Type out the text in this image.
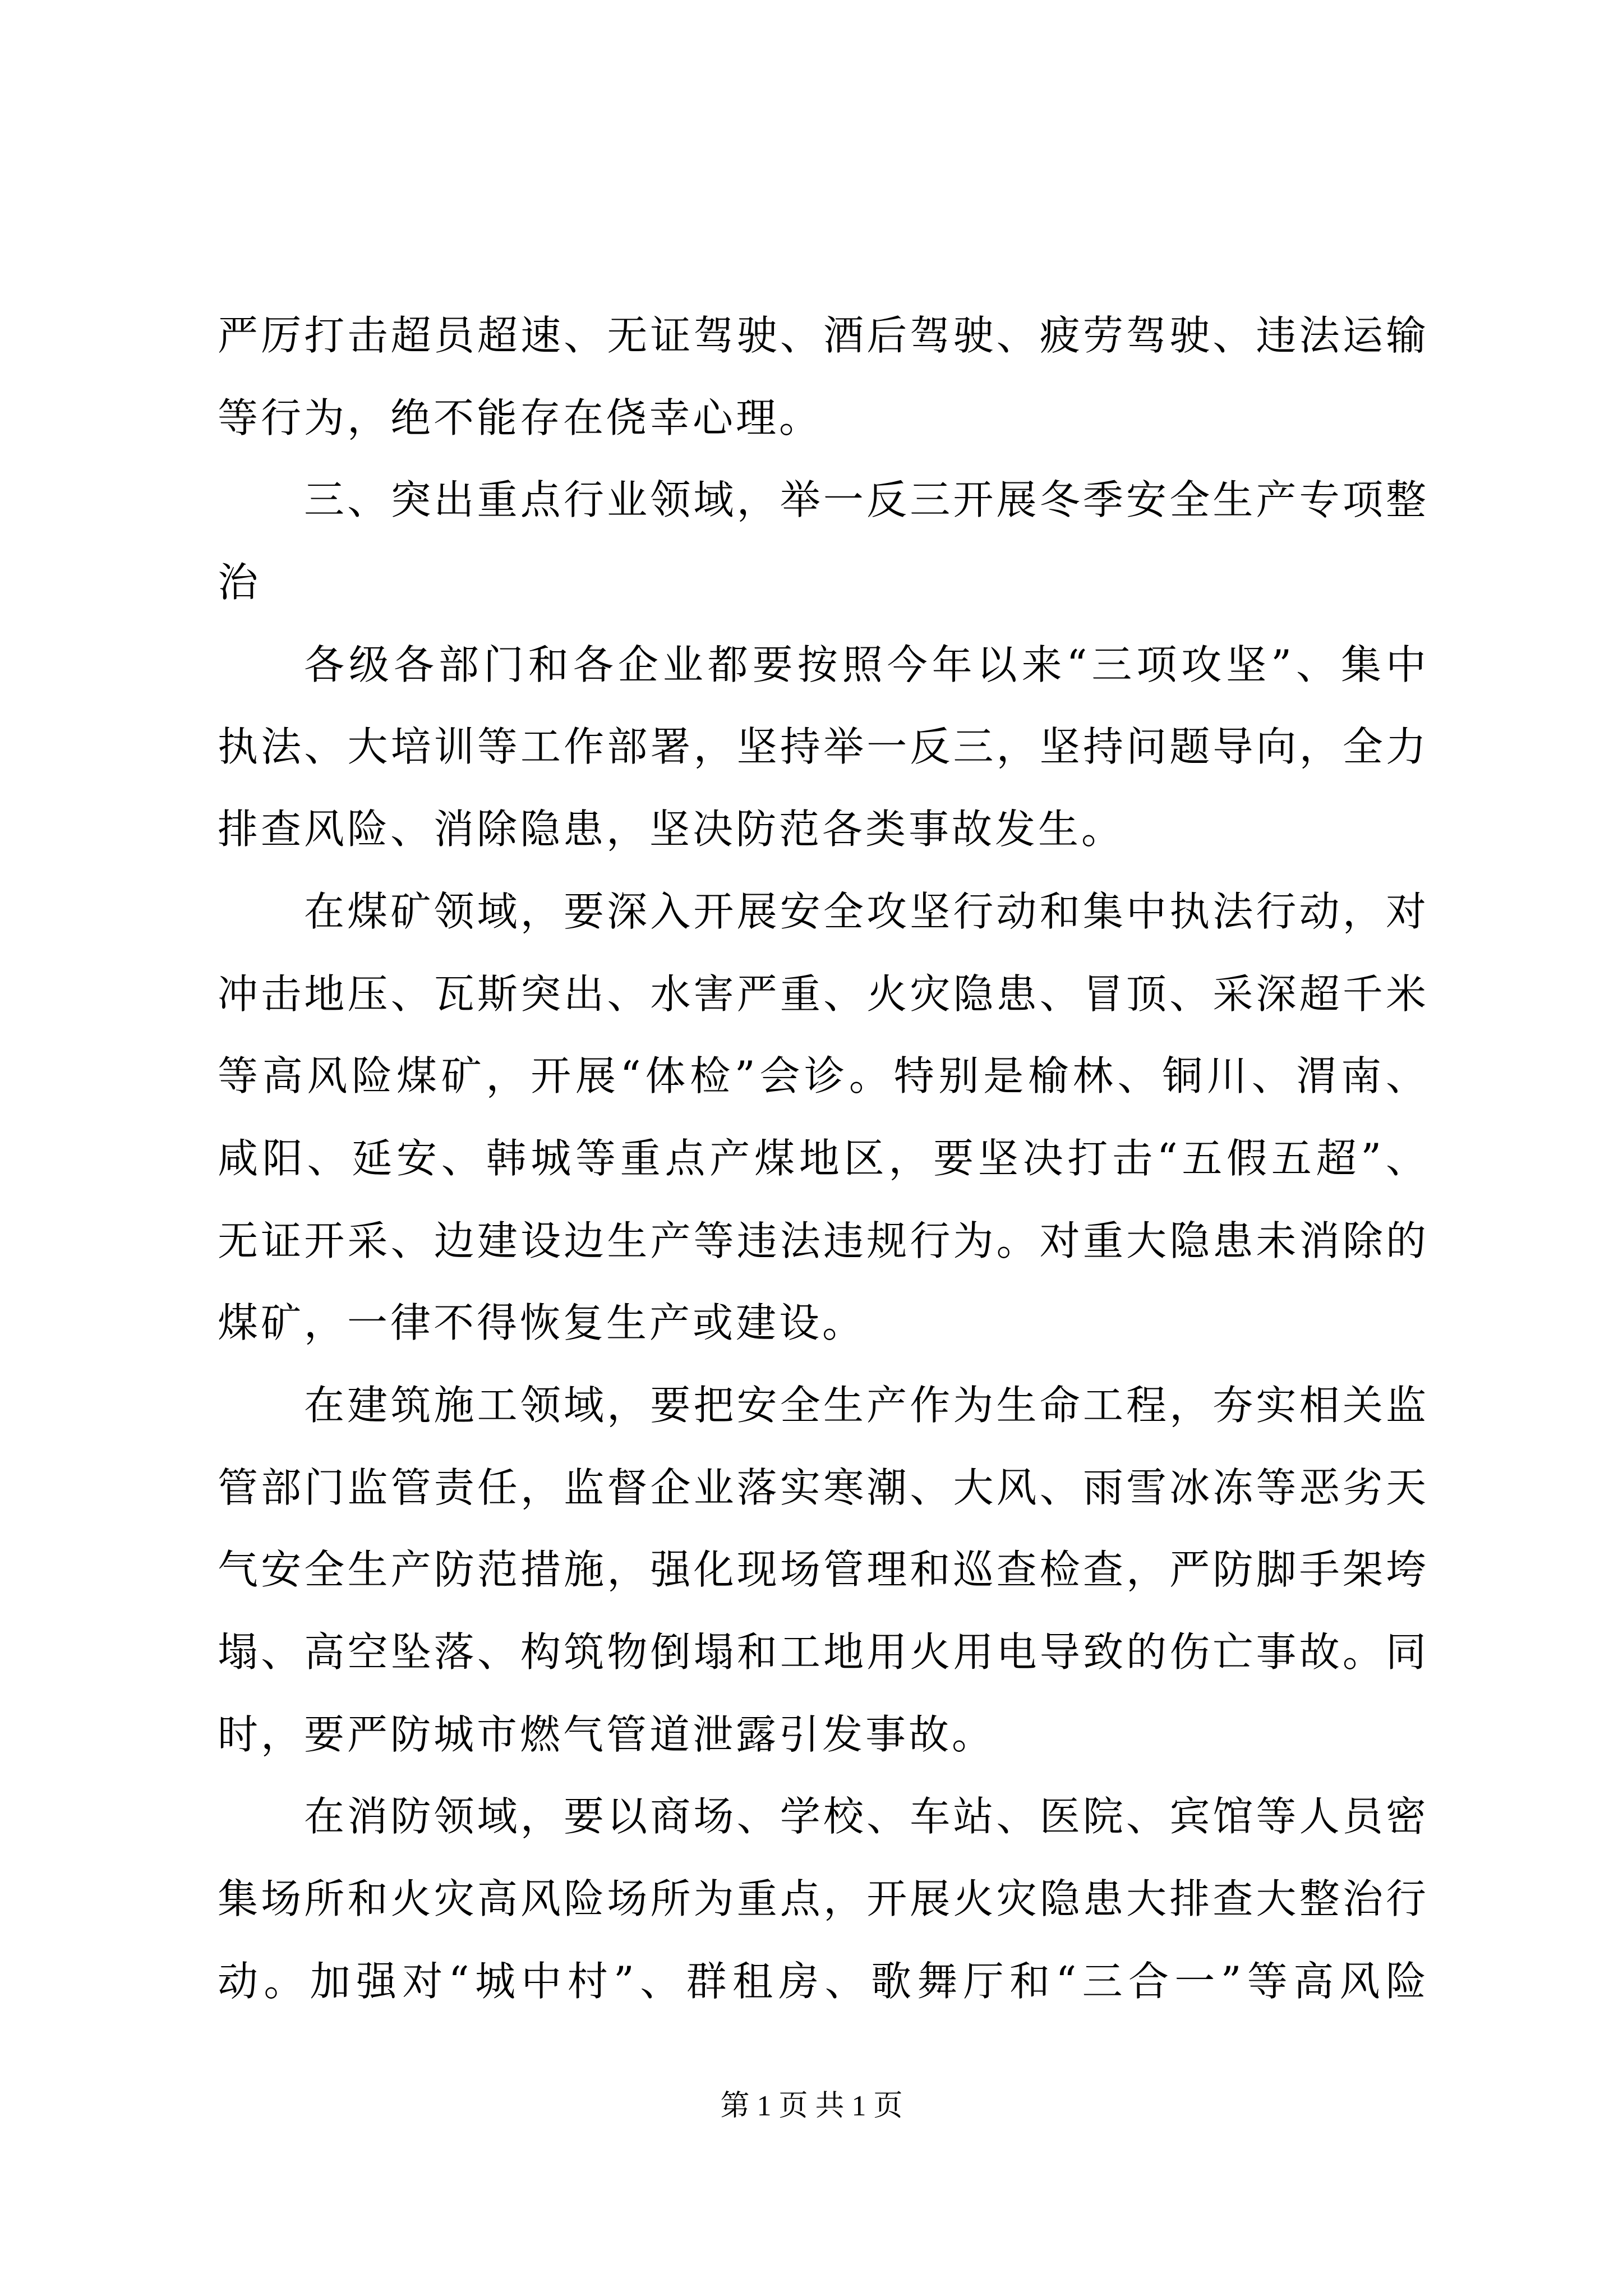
严厉打击超员超速、无证驾驶、酒后驾驶、疲劳驾驶、违法运输
等行为，绝不能存在侥幸心理。
三、突出重点行业领域，举一反三开展冬季安全生产专项整
治
各级各部门和各企业都要按照今年以来“三项攻坚”、集中
执法、大培训等工作部署，坚持举一反三，坚持问题导向，全力
排查风险、消除隐患，坚决防范各类事故发生。
在煤矿领域，要深入开展安全攻坚行动和集中执法行动，对
冲击地压、瓦斯突出、水害严重、火灾隐患、冒顶、采深超千米
等高风险煤矿，开展“体检”会诊。特别是榆林、铜川、渭南、
咸阳、延安、韩城等重点产煤地区，要坚决打击“五假五超”、
无证开采、边建设边生产等违法违规行为。对重大隐患未消除的
煤矿，一律不得恢复生产或建设。
在建筑施工领域，要把安全生产作为生命工程，夯实相关监
管部门监管责任，监督企业落实寒潮、大风、雨雪冰冻等恶劣天
气安全生产防范措施，强化现场管理和巡查检查，严防脚手架垮
塌、高空坠落、构筑物倒塌和工地用火用电导致的伤亡事故。同
时，要严防城市燃气管道泄露引发事故。
在消防领域，要以商场、学校、车站、医院、宾馆等人员密
集场所和火灾高风险场所为重点，开展火灾隐患大排查大整治行
动。加强对“城中村”、群租房、歌舞厅和“三合一”等高风险
第 1 页 共 1 页
